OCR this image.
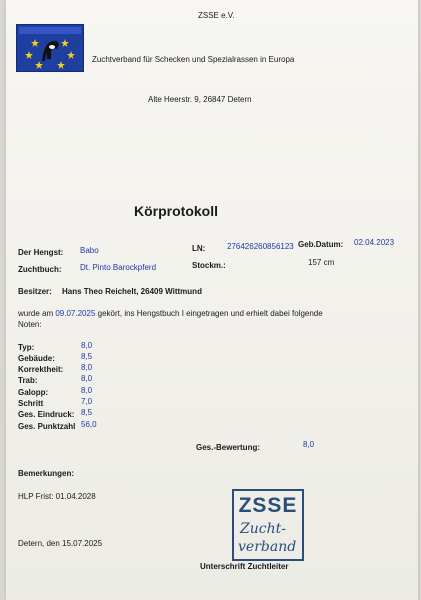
ZSSE e.V.
Zuchtverband für Schecken und Spezialrassen in Europa
Alte Heerstr. 9, 26847 Detern
Körprotokoll
Der Hengst: Babo	LN:	276426260856123 Geb.Datum: 02.04.2023
Zuchtbuch: Dt. Pinto Barockpferd	Stockm.:	157 cm
Besitzer: Hans Theo Reichelt, 26409 Wittmund
wurde am 09.07.2025 gekört, ins Hengstbuch I eingetragen und erhielt dabei folgende
Noten:
Typ:	8,0
Gebäude:	8,5
Korrektheit: 8,0
Trab:	8,0
Galopp:	8,0
Schritt	7,0
Ges. Eindruck: 8,5
Ges. Punktzahl 56,0
Ges.-Bewertung:	8,0
Bemerkungen:
HLP Frist: 01.04.2028
Detern, den 15.07.2025
ZSSE
Zucht-
verband
Unterschrift Zuchtleiter
